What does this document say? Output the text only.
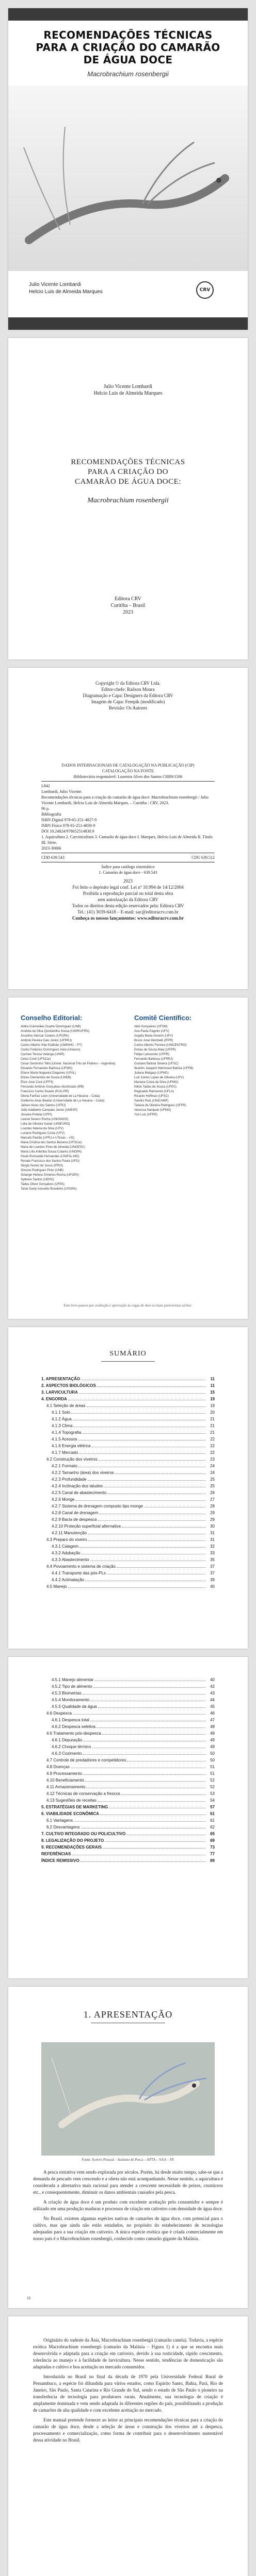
RECOMENDAÇÕES TÉCNICAS
PARA A CRIAÇÃO DO CAMARÃO
DE ÁGUA DOCE
Macrobrachium rosenbergii
Julio Vicente Lombardi
Helcio Luis de Almeida Marques	CRV
Julio Vicente Lombardi
Helcio Luis de Almeida Marques
RECOMENDAÇÕES TÉCNICAS
PARA A CRIAÇÃO DO
CAMARÃO DE ÁGUA DOCE:
Macrobrachium rosenbergii
Editora CRV
Curitiba – Brasil
2023
Copyright © da Editora CRV Ltda.
Editor-chefe: Railson Moura
Diagramação e Capa: Designers da Editora CRV
Imagem de Capa: Freepik (modificado)
Revisão: Os Autores
DADOS INTERNACIONAIS DE CATALOGAÇÃO NA PUBLICAÇÃO (CIP)
CATALOGAÇÃO NA FONTE
Bibliotecária responsável: Luzenira Alves dos Santos CRB9/1506
L842
Lombardi, Julio Vicente.
Recomendações técnicas para a criação do camarão de água doce: Macrobrachium rosenbergii / Julio Vicente Lombardi, Helcio Luis de Almeida Marques. – Curitiba : CRV, 2023.
96 p.
Bibliografia
ISBN Digital 978-65-251-4827-9
ISBN Físico 978-65-251-4830-9
DOI 10.24824/978652514830.9
1. Aquicultura 2. Carcinicultura 3. Camarão de água doce I. Marques, Helcio Luis de Almeida II. Título III. Série.
2023-30066
CDD 639.543	CDU 639.512
Índice para catálogo sistemático
1. Camarão de água doce - 639.543
2023
Foi feito o depósito legal conf. Lei nº 10.994 de 14/12/2004
Proibida a reprodução parcial ou total desta obra
sem autorização da Editora CRV
Todos os direitos desta edição reservados pela: Editora CRV
Tel.: (41) 3039-6418 – E-mail: sac@editoracrv.com.br
Conheça os nossos lançamentos: www.editoracrv.com.br
Conselho Editorial:
Aldira Guimarães Duarte Domínguez (UNB)
Andréia da Silva Quintanilha Sousa (UNIR/UFRN)
Anselmo Alencar Colares (UFOPA)
Antônio Pereira Gaio Júnior (UFRRJ)
Carlos Alberto Vilar Estêvão (UMINHO – PT)
Carlos Federico Domínguez Avila (Unieuro)
Carmen Tereza Velanga (UNIR)
Celso Conti (UFSCar)
Cesar Gerónimo Tello (Univer. Nacional Três de Febrero – Argentina)
Eduardo Fernandes Barbosa (UFMG)
Elione Maria Nogueira Diogenes (UFAL)
Elizeu Clementino de Souza (UNEB)
Élsio José Corá (UFFS)
Fernando Antônio Gonçalves Alcoforado (IPB)
Francisco Carlos Duarte (PUC-PR)
Gloria Fariñas León (Universidade de La Havana – Cuba)
Guillermo Arias Beatón (Universidade de La Havana – Cuba)
Jailson Alves dos Santos (UFRJ)
João Adalberto Campato Junior (UNESP)
Josania Portela (UFPI)
Leonel Severo Rocha (UNISINOS)
Lídia de Oliveira Xavier (UNIEURO)
Lourdes Helena da Silva (UFV)
Luciano Rodrigues Costa (UFV)
Marcelo Paixão (UFRJ e UTexas – US)
Maria Cristina dos Santos Bezerra (UFSCar)
Maria de Lourdes Pinto de Almeida (UNOESC)
Maria Lília Imbiriba Sousa Colares (UNOPA)
Paulo Romualdo Hernandes (UNIFAL-MG)
Renato Francisco dos Santos Paula (UFG)
Sérgio Nunes de Jesus (IFRO)
Simone Rodrigues Pinto (UNB)
Solange Helena Ximenes-Rocha (UFOPA)
Sydione Santos (UEPG)
Tadeu Oliver Gonçalves (UFPA)
Tania Suely Azevedo Brasileiro (UFOPA)
Comitê Científico:
Aldo Gonçalves (UFSM)
Ana Paula Pagotto (UFV)
Angela Maria Amorim (UFV)
Bruno José Mombelli (IFPR)
Carlos Alberto Ferreira (UNICENTRO)
Enéas de Souza Maia (UFPR)
Felipe Lamounier (UFPR)
Fernando Barbosa (UFRRJ)
Gustavo Batista Silveira (UFSC)
Ibrahim Joaquim Mahmoud Batista (UFPB)
Juliana Melgaço (UFMG)
Luiz Carlos Lopes de Oliveira (UFV)
Mariana Costa da Silva (UFMG)
Nilton Tadeu de Souza (UFES)
Reginaldo Raimundo (UFLA)
Ricardo Hoffman (UFSC)
Sandro Reis (UNICAMP)
Tatiana de Oliveira Rodrigues (UFPR)
Vanessa Sampaio (UFMG)
Yuri Luiz (UFPR)
Este livro passou por avaliação e aprovação às cegas de dois ou mais pareceristas ad hoc.
SUMÁRIO
1. APRESENTAÇÃO	11
2. ASPECTOS BIOLÓGICOS	11
3. LARVICULTURA	15
4. ENGORDA	19
4.1 Seleção de áreas	19
4.1.1 Solo	20
4.1.2 Água	21
4.1.3 Clima	21
4.1.4 Topografia	21
4.1.5 Acessos	22
4.1.6 Energia elétrica	22
4.1.7 Mercado	22
4.2 Construção dos viveiros	23
4.2.1 Formato	24
4.2.2 Tamanho (área) dos viveiros	24
4.2.3 Profundidade	25
4.2.4 Inclinação dos taludes	25
4.2.5 Canal de abastecimento	26
4.2.6 Monge	27
4.2.7 Sistema de drenagem composto tipo monge	28
4.2.8 Canal de drenagem	29
4.2.9 Bacia de despesca	29
4.2.10 Proteção superficial alternativa	30
4.2.11 Manutenção	31
4.3 Preparo do viveiro	31
4.3.1 Calagem	32
4.3.2 Adubação	33
4.3.3 Abastecimento	35
4.4 Povoamento e sistema de criação	37
4.4.1 Transporte das pós-PLs	37
4.4.2 Aclimatação	39
4.5 Manejo	40
4.5.1 Manejo alimentar	40
4.5.2 Tipo de alimento	42
4.5.3 Biometrias	43
4.5.4 Monitoramento	44
4.5.5 Qualidade da água	45
4.6 Despesca	46
4.6.1 Despesca total	47
4.6.2 Despesca seletiva	48
4.6 Tratamento pós-despesca	49
4.6.1 Depuração	49
4.6.2 Choque térmico	49
4.6.3 Cozimento	50
4.7 Controle de predadores e competidores	50
4.8 Doenças	51
4.9 Processamento	51
4.10 Beneficiamento	52
4.11 Armazenamento	52
4.12 Técnicas de conservação a frescos	53
4.13 Sugestões de receitas	54
5. ESTRATÉGIAS DE MARKETING	57
6. VIABILIDADE ECONÔMICA	61
6.1 Vantagens	61
6.2 Desvantagens	62
7. CULTIVO INTEGRADO OU POLICULTIVO	65
8. LEGALIZAÇÃO DO PROJETO	69
9. RECOMENDAÇÕES GERAIS	73
REFERÊNCIAS	77
ÍNDICE REMISSIVO	89
1. APRESENTAÇÃO
Fonte: Acervo Pessoal – Instituto de Pesca – APTA – SAA – SP.

A pesca extrativa vem sendo explorada por séculos. Porém, há desde muito tempo, sabe-se que a demanda de pescado vem crescendo e a oferta não está acompanhando. Nesse sentido, a aquicultura é considerada a alternativa mais racional para atender a crescente necessidade de peixes, crustáceos etc., e consequentemente, diminuir os danos ambientais causados pela pesca.

A criação de água doce é um produto com excelente aceitação pelo consumidor e sempre é utilizado em uma produção maduras e processos de criação em cativeiro com densidade de água doce.

No Brasil, existem algumas espécies nativas de camarões de água doce, com potencial para o cultivo, mas que ainda não estão estudados, no propósito do estabelecimento de tecnologias adequadas para a sua criação em cativeiro. A única espécie exótica que é criada comercialmente em nosso país é o Macrobrachium rosenbergii, conhecido como camarão gigante da Malásia.

11

Originário do sudeste da Ásia, Macrobrachium rosenbergii (camarão canela). Todavia, a espécie exótica Macrobrachium rosenbergii (camarão da Malásia – Figura 1) é a que se encontra mais desenvolvida e adaptada para a criação em cativeiro, devido à sua rusticidade, rápido crescimento, tolerância ao manejo e à facilidade de larvicultura. Nesse sentido, tendências de domesticação são adaptadas e cultivo e boa aceitação no mercado consumidor.

Introduzida no Brasil no final da década de 1970 pela Universidade Federal Rural de Pernambuco, a espécie foi difundida para vários estados, como Espírito Santo, Bahia, Pará, Rio de Janeiro, São Paulo, Santa Catarina e Rio Grande do Sul, sendo o estado de São Paulo o pioneiro na transferência de tecnologia para produtores rurais. Atualmente, sua tecnologia de criação é amplamente dominada e vem sendo adaptada às diferentes regiões do país, possibilitando a produção de camarões de alta qualidade e com excelente aceitação no mercado.

Este manual pretende fornecer ao leitor as principais recomendações técnicas para a criação do camarão de água doce, desde a seleção de áreas e construção dos viveiros até a despesca, processamento e comercialização, como forma de contribuir para o desenvolvimento sustentável dessa atividade no Brasil.
